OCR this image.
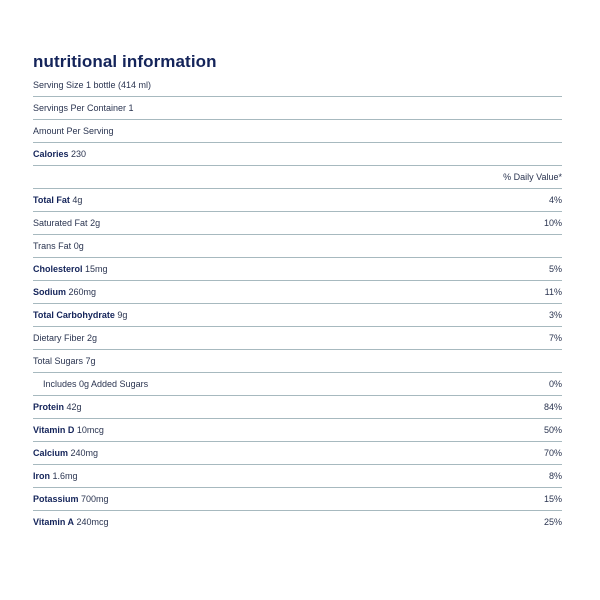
nutritional information
Serving Size 1 bottle (414 ml)
Servings Per Container 1
Amount Per Serving
Calories 230
% Daily Value*
Total Fat 4g	4%
Saturated Fat 2g	10%
Trans Fat 0g
Cholesterol 15mg	5%
Sodium 260mg	11%
Total Carbohydrate 9g	3%
Dietary Fiber 2g	7%
Total Sugars 7g
Includes 0g Added Sugars	0%
Protein 42g	84%
Vitamin D 10mcg	50%
Calcium 240mg	70%
Iron 1.6mg	8%
Potassium 700mg	15%
Vitamin A 240mcg	25%
